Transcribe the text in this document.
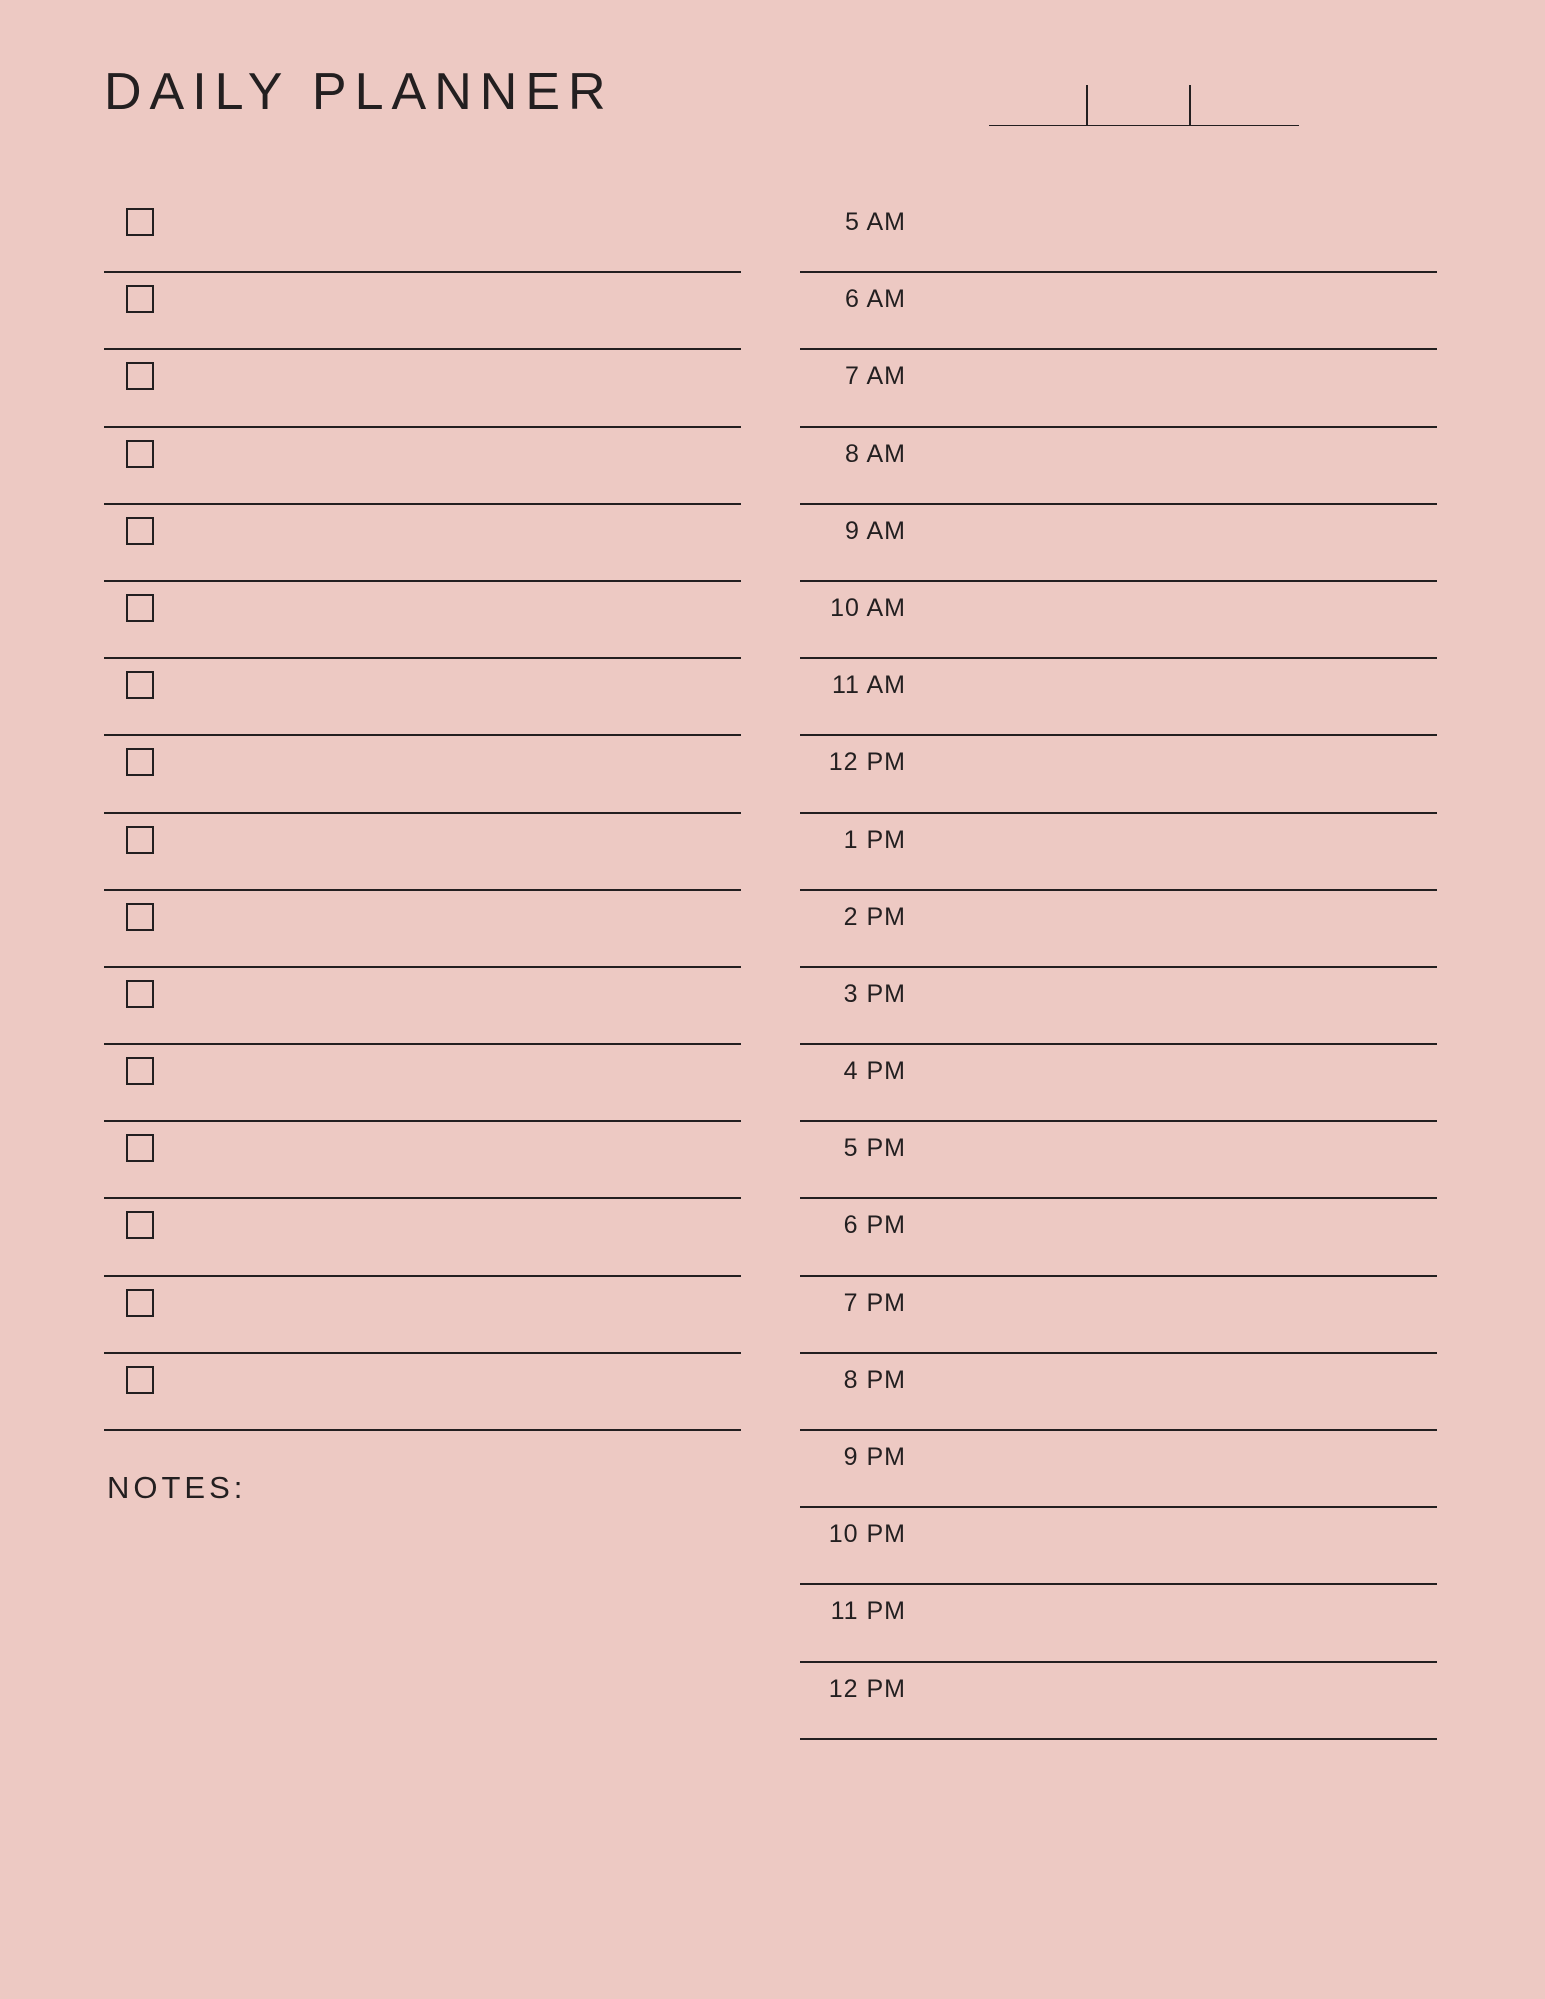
DAILY PLANNER
NOTES:
5 AM
6 AM
7 AM
8 AM
9 AM
10 AM
11 AM
12 PM
1 PM
2 PM
3 PM
4 PM
5 PM
6 PM
7 PM
8 PM
9 PM
10 PM
11 PM
12 PM
